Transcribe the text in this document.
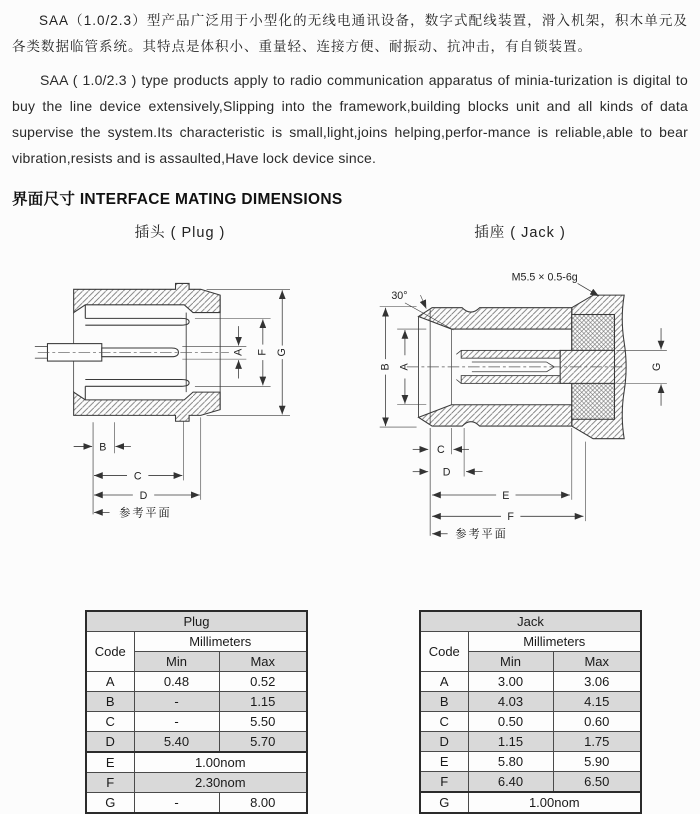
SAA（1.0/2.3）型产品广泛用于小型化的无线电通讯设备，数字式配线装置，滑入机架，积木单元及各类数据临管系统。其特点是体积小、重量轻、连接方便、耐振动、抗冲击，有自锁装置。

SAA ( 1.0/2.3 ) type products apply to radio communication apparatus of minia-turization is digital to buy the line device extensively,Slipping into the framework,building blocks unit and all kinds of data supervise the system.Its characteristic is small,light,joins helping,perfor-mance is reliable,able to bear vibration,resists and is assaulted,Have lock device since.

界面尺寸 INTERFACE MATING DIMENSIONS
插头 ( Plug )	插座 ( Jack )
A F G
B
C
D
参考平面
M5.5 × 0.5-6g
30°
B A	G
C
D
E
F
参考平面
Plug		
Code	Millimeters	
	Min	Max
A	0.48	0.52
B	-	1.15
C	-	5.50
D	5.40	5.70
E	1.00nom	
F	2.30nom	
G	-	8.00
Jack		
Code	Millimeters	
	Min	Max
A	3.00	3.06
B	4.03	4.15
C	0.50	0.60
D	1.15	1.75
E	5.80	5.90
F	6.40	6.50
G	1.00nom	
